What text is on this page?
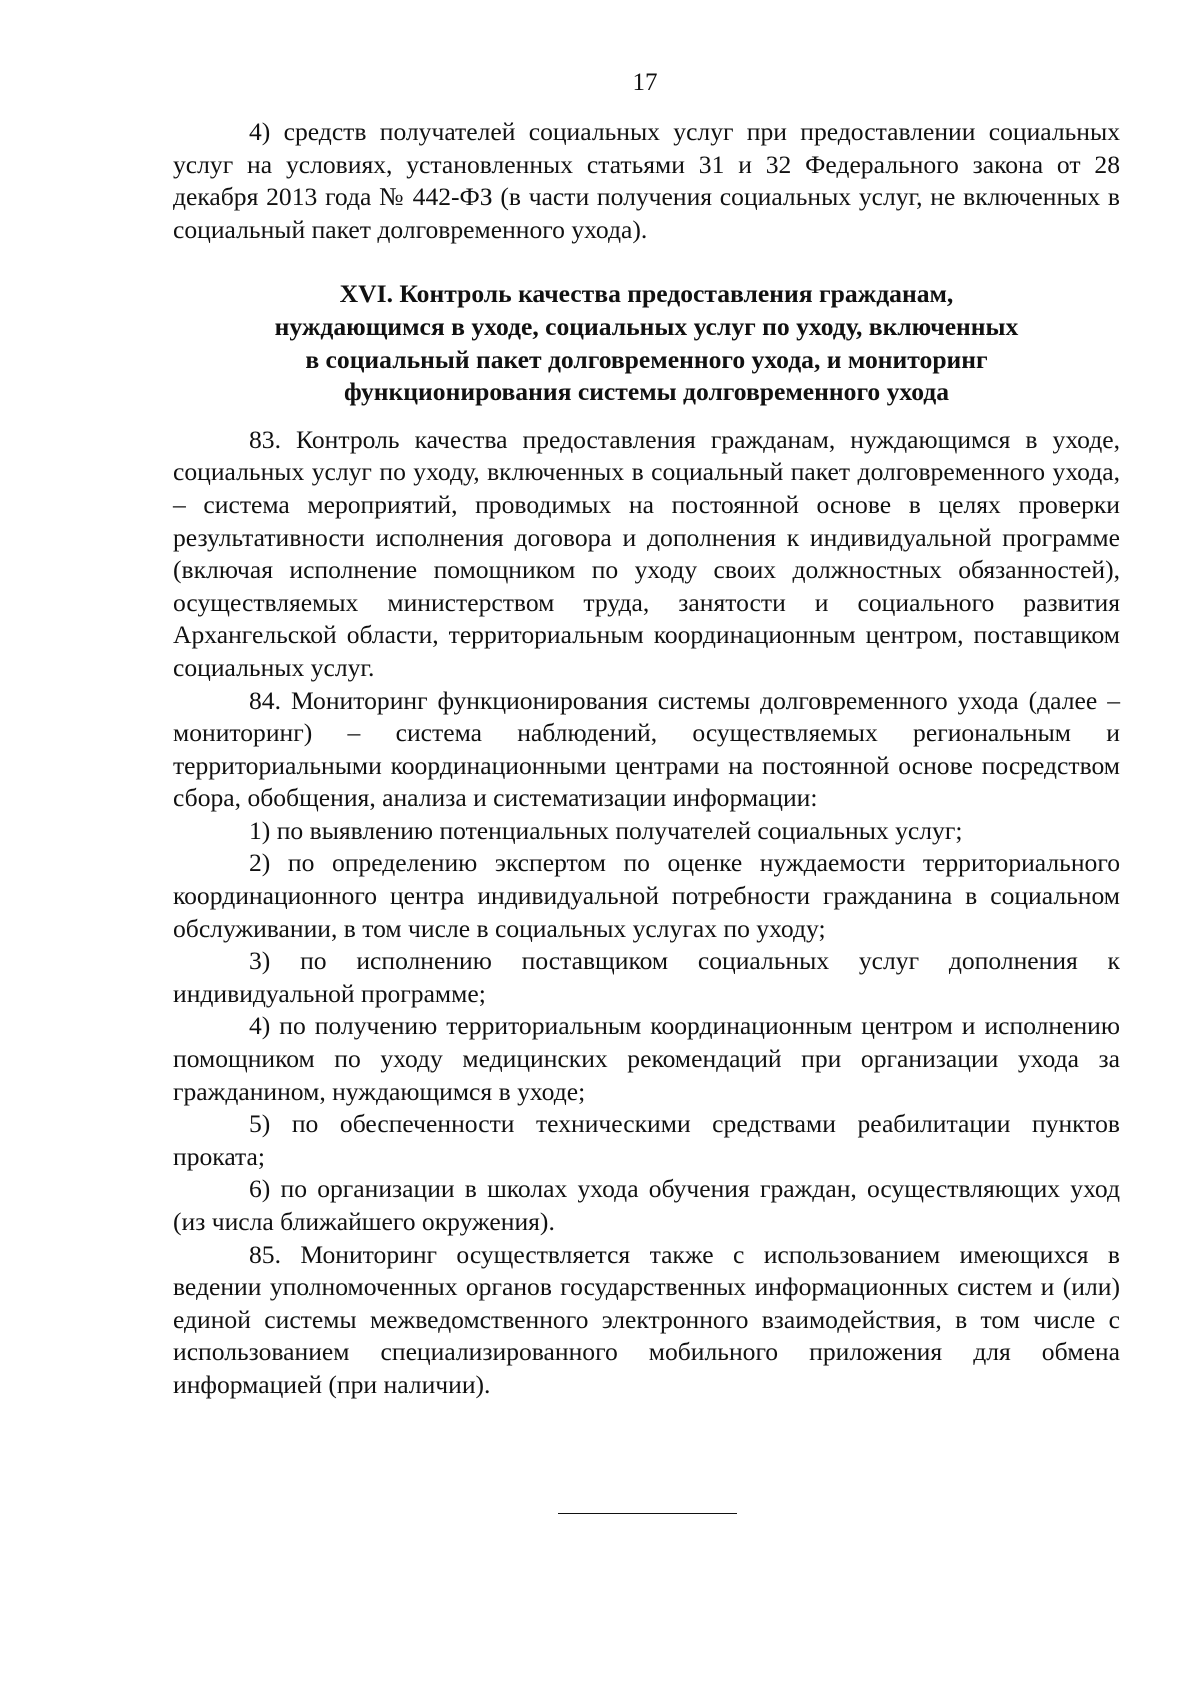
17

4) средств получателей социальных услуг при предоставлении социальных услуг на условиях, установленных статьями 31 и 32 Федерального закона от 28 декабря 2013 года № 442-ФЗ (в части получения социальных услуг, не включенных в социальный пакет долговременного ухода).

XVI. Контроль качества предоставления гражданам,
нуждающимся в уходе, социальных услуг по уходу, включенных
в социальный пакет долговременного ухода, и мониторинг
функционирования системы долговременного ухода

83. Контроль качества предоставления гражданам, нуждающимся в уходе, социальных услуг по уходу, включенных в социальный пакет долговременного ухода, – система мероприятий, проводимых на постоянной основе в целях проверки результативности исполнения договора и дополнения к индивидуальной программе (включая исполнение помощником по уходу своих должностных обязанностей), осуществляемых министерством труда, занятости и социального развития Архангельской области, территориальным координационным центром, поставщиком социальных услуг.

84. Мониторинг функционирования системы долговременного ухода (далее – мониторинг) – система наблюдений, осуществляемых региональным и территориальными координационными центрами на постоянной основе посредством сбора, обобщения, анализа и систематизации информации:

1) по выявлению потенциальных получателей социальных услуг;

2) по определению экспертом по оценке нуждаемости территориального координационного центра индивидуальной потребности гражданина в социальном обслуживании, в том числе в социальных услугах по уходу;

3) по исполнению поставщиком социальных услуг дополнения к индивидуальной программе;

4) по получению территориальным координационным центром и исполнению помощником по уходу медицинских рекомендаций при организации ухода за гражданином, нуждающимся в уходе;

5) по обеспеченности техническими средствами реабилитации пунктов проката;

6) по организации в школах ухода обучения граждан, осуществляющих уход (из числа ближайшего окружения).

85. Мониторинг осуществляется также с использованием имеющихся в ведении уполномоченных органов государственных информационных систем и (или) единой системы межведомственного электронного взаимодействия, в том числе с использованием специализированного мобильного приложения для обмена информацией (при наличии).
